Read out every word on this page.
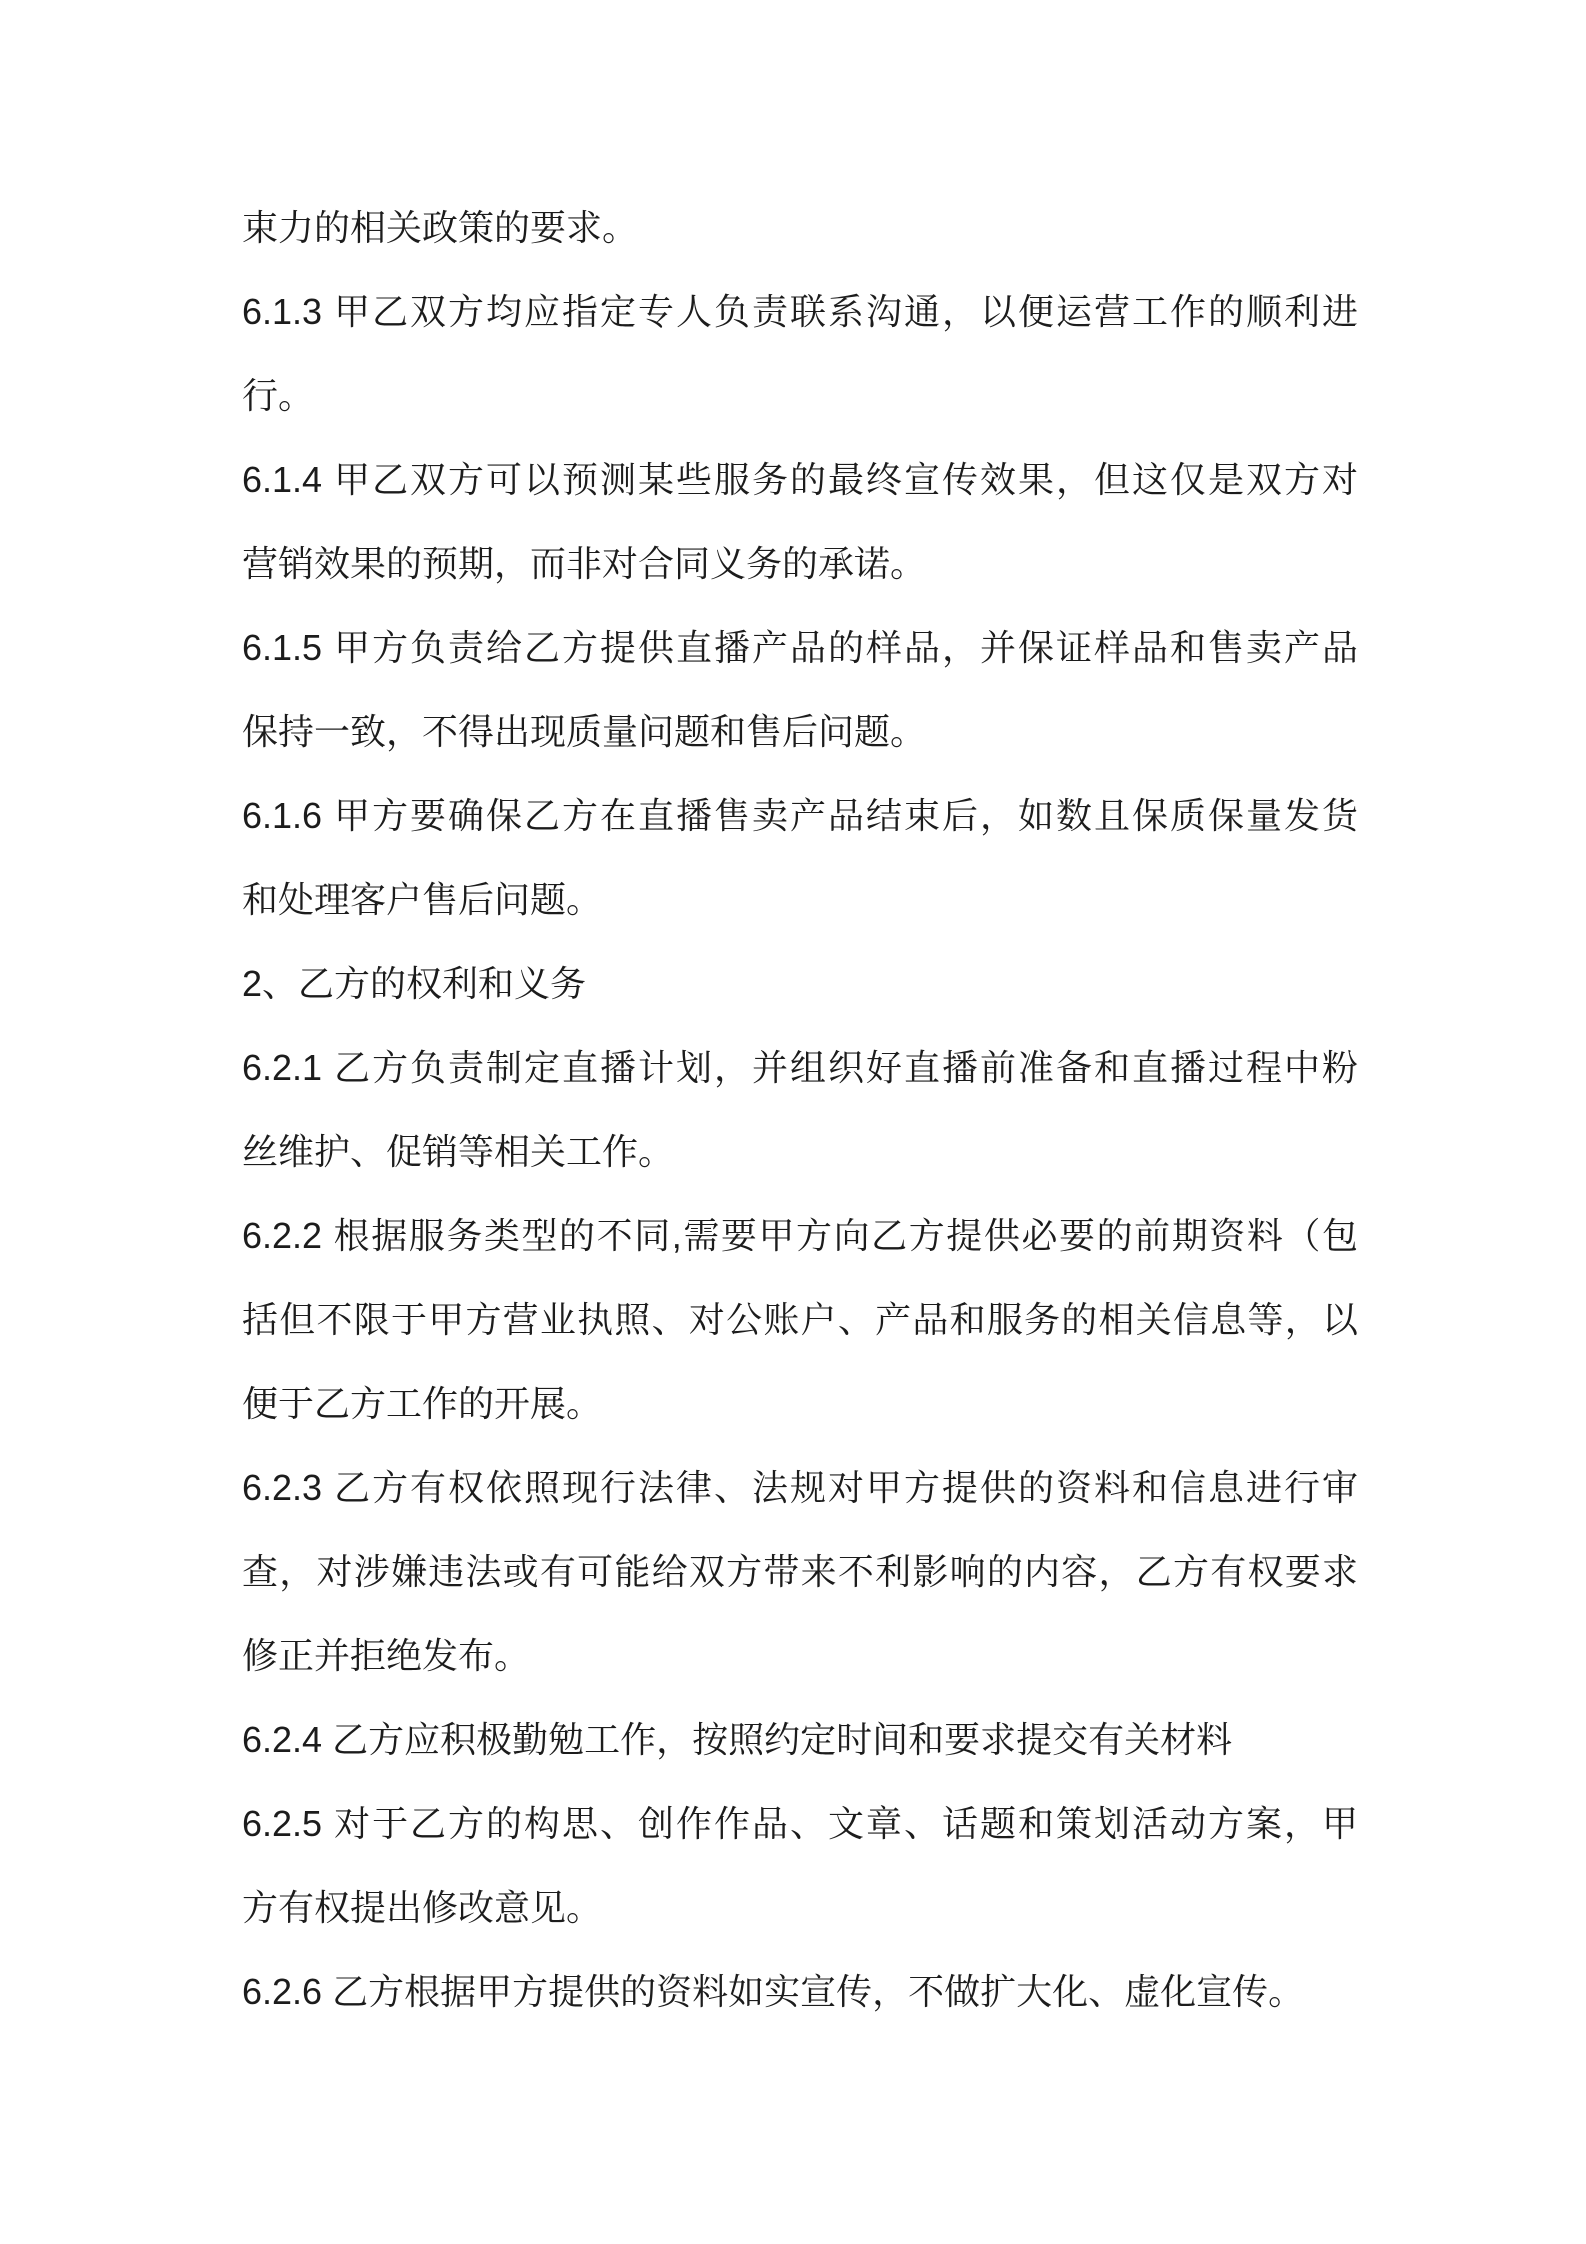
束力的相关政策的要求。
6.1.3 甲乙双方均应指定专人负责联系沟通，以便运营工作的顺利进
行。
6.1.4 甲乙双方可以预测某些服务的最终宣传效果，但这仅是双方对
营销效果的预期，而非对合同义务的承诺。
6.1.5 甲方负责给乙方提供直播产品的样品，并保证样品和售卖产品
保持一致，不得出现质量问题和售后问题。
6.1.6 甲方要确保乙方在直播售卖产品结束后，如数且保质保量发货
和处理客户售后问题。
2、乙方的权利和义务
6.2.1 乙方负责制定直播计划，并组织好直播前准备和直播过程中粉
丝维护、促销等相关工作。
6.2.2 根据服务类型的不同,需要甲方向乙方提供必要的前期资料（包
括但不限于甲方营业执照、对公账户、产品和服务的相关信息等，以
便于乙方工作的开展。
6.2.3 乙方有权依照现行法律、法规对甲方提供的资料和信息进行审
查，对涉嫌违法或有可能给双方带来不利影响的内容，乙方有权要求
修正并拒绝发布。
6.2.4 乙方应积极勤勉工作，按照约定时间和要求提交有关材料
6.2.5 对于乙方的构思、创作作品、文章、话题和策划活动方案，甲
方有权提出修改意见。
6.2.6 乙方根据甲方提供的资料如实宣传，不做扩大化、虚化宣传。
